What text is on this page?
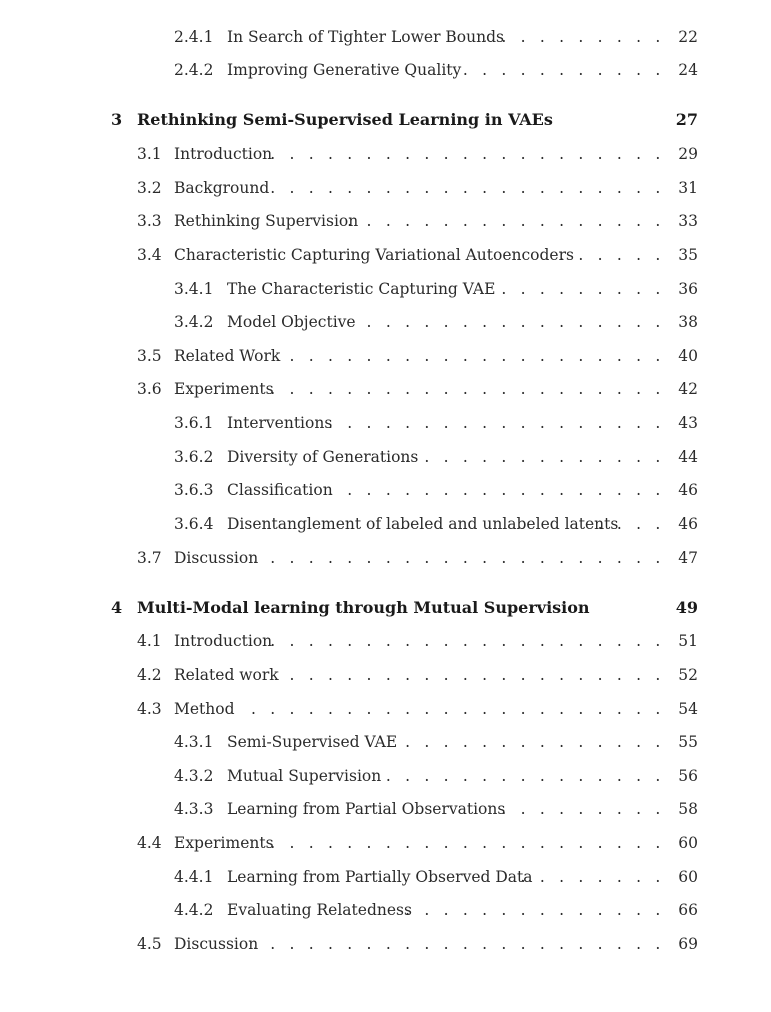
2.4.1 In Search of Tighter Lower Bounds . . .	22
2.4.2 Improving Generative Quality . . .	24
3 Rethinking Semi-Supervised Learning in VAEs	27
3.1 Introduction . . .	29
3.2 Background . . .	31
3.3 Rethinking Supervision . . .	33
3.4 Characteristic Capturing Variational Autoencoders . . .	35
3.4.1 The Characteristic Capturing VAE . . .	36
3.4.2 Model Objective . . .	38
3.5 Related Work . . .	40
3.6 Experiments . . .	42
3.6.1 Interventions . . .	43
3.6.2 Diversity of Generations . . .	44
3.6.3 Classification . . .	46
3.6.4 Disentanglement of labeled and unlabeled latents . . .	46
3.7 Discussion . . .	47
4 Multi-Modal learning through Mutual Supervision	49
4.1 Introduction . . .	51
4.2 Related work . . .	52
4.3 Method . . .	54
4.3.1 Semi-Supervised VAE . . .	55
4.3.2 Mutual Supervision . . .	56
4.3.3 Learning from Partial Observations . . .	58
4.4 Experiments . . .	60
4.4.1 Learning from Partially Observed Data . . .	60
4.4.2 Evaluating Relatedness . . .	66
4.5 Discussion . . .	69
